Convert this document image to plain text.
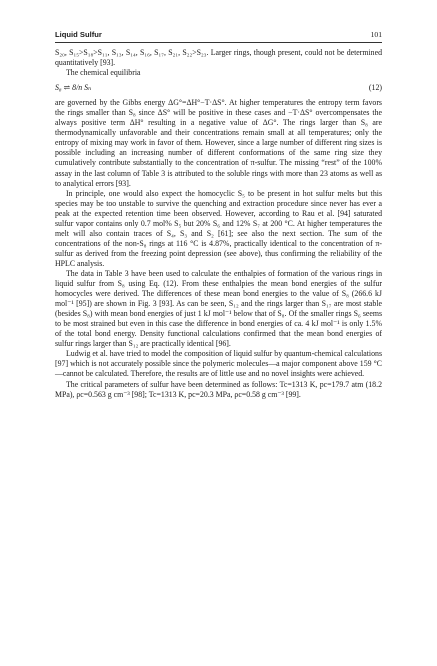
Liquid Sulfur	101

S₂₀, S₁₅>S₁₈>S₁₁, S₁₃, S₁₄, S₁₆, S₁₇, S₂₁, S₂₂>S₂₃. Larger rings, though present, could not be determined quantitatively [93].

The chemical equilibria

S₈ ⇌ 8/n Sₙ	(12)

are governed by the Gibbs energy ΔG°=ΔH°−T·ΔS°. At higher temperatures the entropy term favors the rings smaller than S₈ since ΔS° will be positive in these cases and −T·ΔS° overcompensates the always positive term ΔH° resulting in a negative value of ΔG°. The rings larger than S₈ are thermodynamically unfavorable and their concentrations remain small at all temperatures; only the entropy of mixing may work in favor of them. However, since a large number of different ring sizes is possible including an increasing number of different conformations of the same ring size they cumulatively contribute substantially to the concentration of π-sulfur. The missing “rest” of the 100% assay in the last column of Table 3 is attributed to the soluble rings with more than 23 atoms as well as to analytical errors [93].

In principle, one would also expect the homocyclic S₅ to be present in hot sulfur melts but this species may be too unstable to survive the quenching and extraction procedure since never has ever a peak at the expected retention time been observed. However, according to Rau et al. [94] saturated sulfur vapor contains only 0.7 mol% S₅ but 20% S₆ and 12% S₇ at 200 °C. At higher temperatures the melt will also contain traces of S₄, S₃ and S₂ [61]; see also the next section. The sum of the concentrations of the non-S₈ rings at 116 °C is 4.87%, practically identical to the concentration of π-sulfur as derived from the freezing point depression (see above), thus confirming the reliability of the HPLC analysis.

The data in Table 3 have been used to calculate the enthalpies of formation of the various rings in liquid sulfur from S₈ using Eq. (12). From these enthalpies the mean bond energies of the sulfur homocycles were derived. The differences of these mean bond energies to the value of S₈ (266.6 kJ mol⁻¹ [95]) are shown in Fig. 3 [93]. As can be seen, S₁₂ and the rings larger than S₁₇ are most stable (besides S₈) with mean bond energies of just 1 kJ mol⁻¹ below that of S₈. Of the smaller rings S₆ seems to be most strained but even in this case the difference in bond energies of ca. 4 kJ mol⁻¹ is only 1.5% of the total bond energy. Density functional calculations confirmed that the mean bond energies of sulfur rings larger than S₁₂ are practically identical [96].

Ludwig et al. have tried to model the composition of liquid sulfur by quantum-chemical calculations [97] which is not accurately possible since the polymeric molecules—a major component above 159 °C—cannot be calculated. Therefore, the results are of little use and no novel insights were achieved.

The critical parameters of sulfur have been determined as follows: Tc=1313 K, pc=179.7 atm (18.2 MPa), ρc=0.563 g cm⁻³ [98]; Tc=1313 K, pc=20.3 MPa, ρc=0.58 g cm⁻³ [99].
